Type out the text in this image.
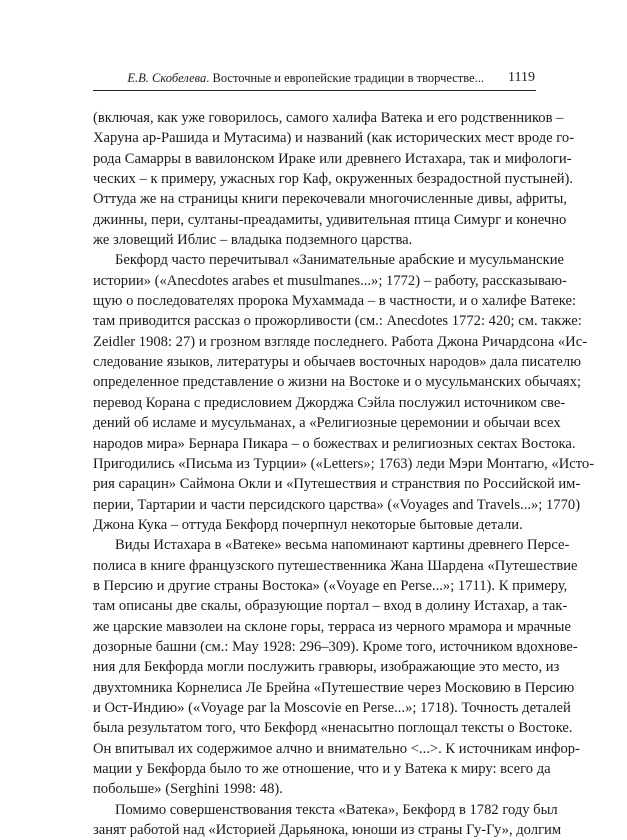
Е.В. Скобелева. Восточные и европейские традиции в творчестве... 1119
(включая, как уже говорилось, самого халифа Ватека и его родственников –
Харуна ар-Рашида и Мутасима) и названий (как исторических мест вроде го-
рода Самарры в вавилонском Ираке или древнего Истахара, так и мифологи-
ческих – к примеру, ужасных гор Каф, окруженных безрадостной пустыней).
Оттуда же на страницы книги перекочевали многочисленные дивы, африты,
джинны, пери, султаны-преадамиты, удивительная птица Симург и конечно
же зловещий Иблис – владыка подземного царства.
Бекфорд часто перечитывал «Занимательные арабские и мусульманские
истории» («Anecdotes arabes et musulmanes...»; 1772) – работу, рассказываю-
щую о последователях пророка Мухаммада – в частности, и о халифе Ватеке:
там приводится рассказ о прожорливости (см.: Anecdotes 1772: 420; см. также:
Zeidler 1908: 27) и грозном взгляде последнего. Работа Джона Ричардсона «Ис-
следование языков, литературы и обычаев восточных народов» дала писателю
определенное представление о жизни на Востоке и о мусульманских обычаях;
перевод Корана с предисловием Джорджа Сэйла послужил источником све-
дений об исламе и мусульманах, а «Религиозные церемонии и обычаи всех
народов мира» Бернара Пикара – о божествах и религиозных сектах Востока.
Пригодились «Письма из Турции» («Letters»; 1763) леди Мэри Монтагю, «Исто-
рия сарацин» Саймона Окли и «Путешествия и странствия по Российской им-
перии, Тартарии и части персидского царства» («Voyages and Travels...»; 1770)
Джона Кука – оттуда Бекфорд почерпнул некоторые бытовые детали.
Виды Истахара в «Ватеке» весьма напоминают картины древнего Персе-
полиса в книге французского путешественника Жана Шардена «Путешествие
в Персию и другие страны Востока» («Voyage en Perse...»; 1711). К примеру,
там описаны две скалы, образующие портал – вход в долину Истахар, а так-
же царские мавзолеи на склоне горы, терраса из черного мрамора и мрачные
дозорные башни (см.: May 1928: 296–309). Кроме того, источником вдохнове-
ния для Бекфорда могли послужить гравюры, изображающие это место, из
двухтомника Корнелиса Ле Брейна «Путешествие через Московию в Персию
и Ост-Индию» («Voyage par la Moscovie en Perse...»; 1718). Точность деталей
была результатом того, что Бекфорд «ненасытно поглощал тексты о Востоке.
Он впитывал их содержимое алчно и внимательно <...>. К источникам инфор-
мации у Бекфорда было то же отношение, что и у Ватека к миру: всего да
побольше» (Serghini 1998: 48).
Помимо совершенствования текста «Ватека», Бекфорд в 1782 году был
занят работой над «Историей Дарьянока, юноши из страны Гу-Гу», долгим
